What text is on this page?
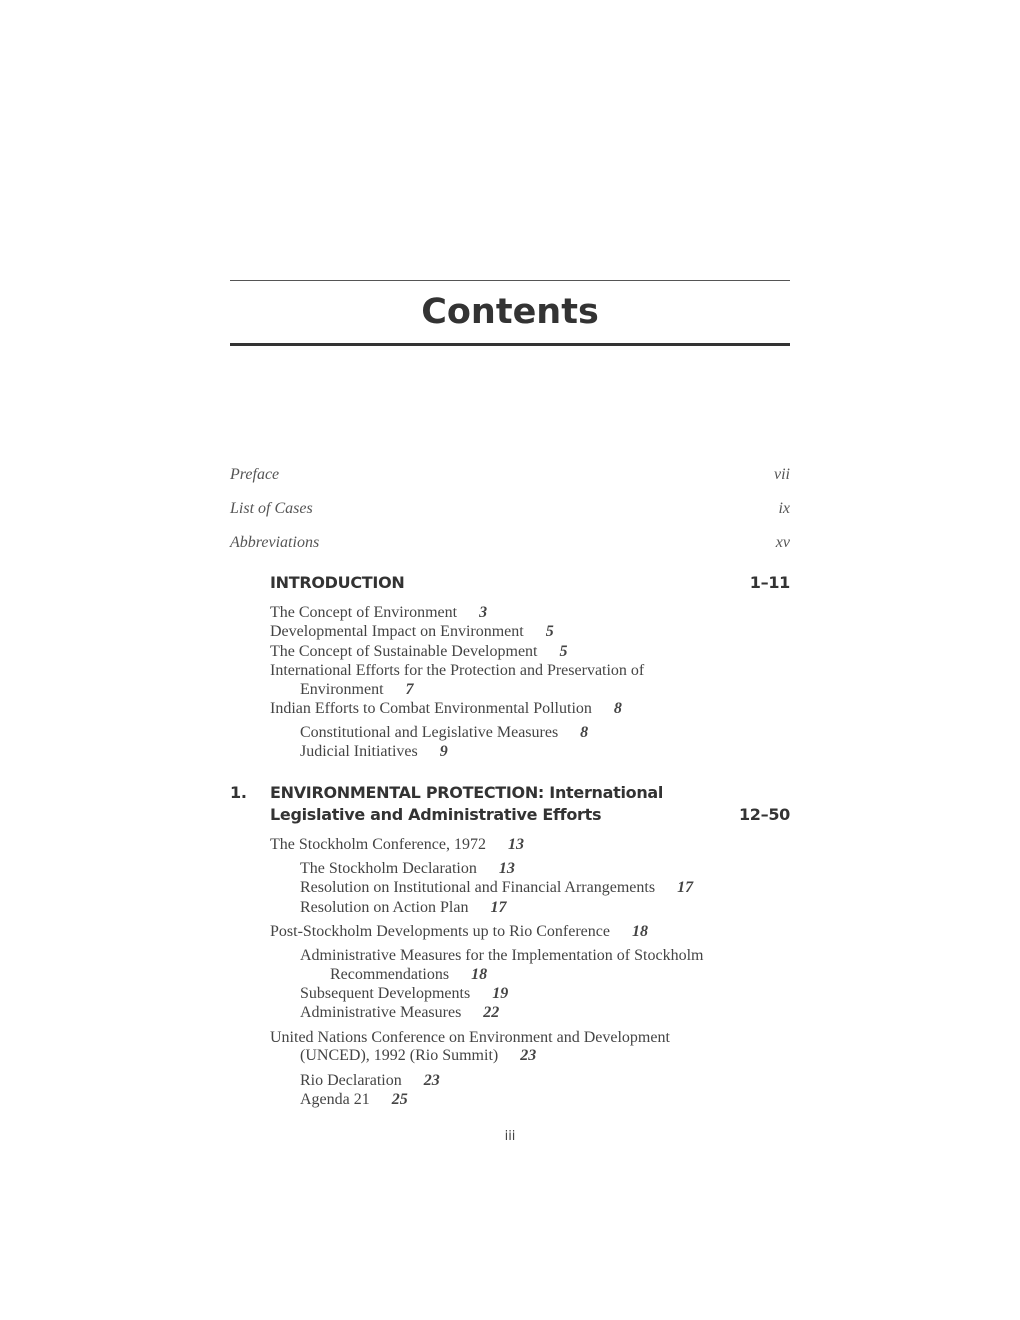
Contents
Preface	vii
List of Cases	ix
Abbreviations	xv
INTRODUCTION	1–11
The Concept of Environment 3
Developmental Impact on Environment 5
The Concept of Sustainable Development 5
International Efforts for the Protection and Preservation of
Environment 7
Indian Efforts to Combat Environmental Pollution 8
Constitutional and Legislative Measures 8
Judicial Initiatives 9
1. ENVIRONMENTAL PROTECTION: International
Legislative and Administrative Efforts	12–50
The Stockholm Conference, 1972 13
The Stockholm Declaration 13
Resolution on Institutional and Financial Arrangements 17
Resolution on Action Plan 17
Post-Stockholm Developments up to Rio Conference 18
Administrative Measures for the Implementation of Stockholm
Recommendations 18
Subsequent Developments 19
Administrative Measures 22
United Nations Conference on Environment and Development
(UNCED), 1992 (Rio Summit) 23
Rio Declaration 23
Agenda 21 25
iii
